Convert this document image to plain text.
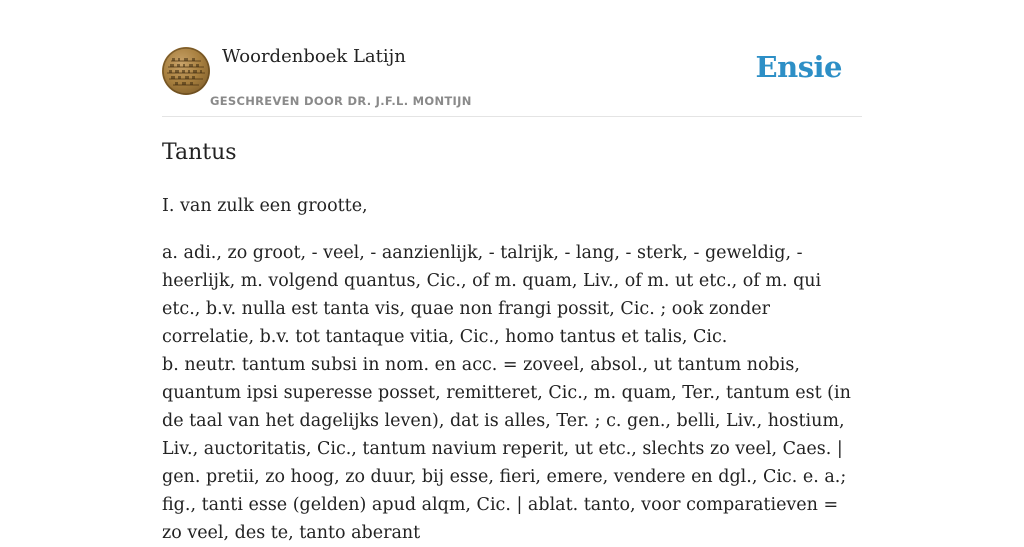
Woordenboek Latijn
GESCHREVEN DOOR DR. J.F.L. MONTIJN
Ensie
Tantus

I. van zulk een grootte,

a. adi., zo groot, - veel, - aanzienlijk, - talrijk, - lang, - sterk, - geweldig, - heerlijk, m. volgend quantus, Cic., of m. quam, Liv., of m. ut etc., of m. qui etc., b.v. nulla est tanta vis, quae non frangi possit, Cic. ; ook zonder correlatie, b.v. tot tantaque vitia, Cic., homo tantus et talis, Cic.

b. neutr. tantum subsi in nom. en acc. = zoveel, absol., ut tantum nobis, quantum ipsi superesse posset, remitteret, Cic., m. quam, Ter., tantum est (in de taal van het dagelijks leven), dat is alles, Ter. ; c. gen., belli, Liv., hostium, Liv., auctoritatis, Cic., tantum navium reperit, ut etc., slechts zo veel, Caes. | gen. pretii, zo hoog, zo duur, bij esse, fieri, emere, vendere en dgl., Cic. e. a.; fig., tanti esse (gelden) apud alqm, Cic. | ablat. tanto, voor comparatieven = zo veel, des te, tanto aberant
